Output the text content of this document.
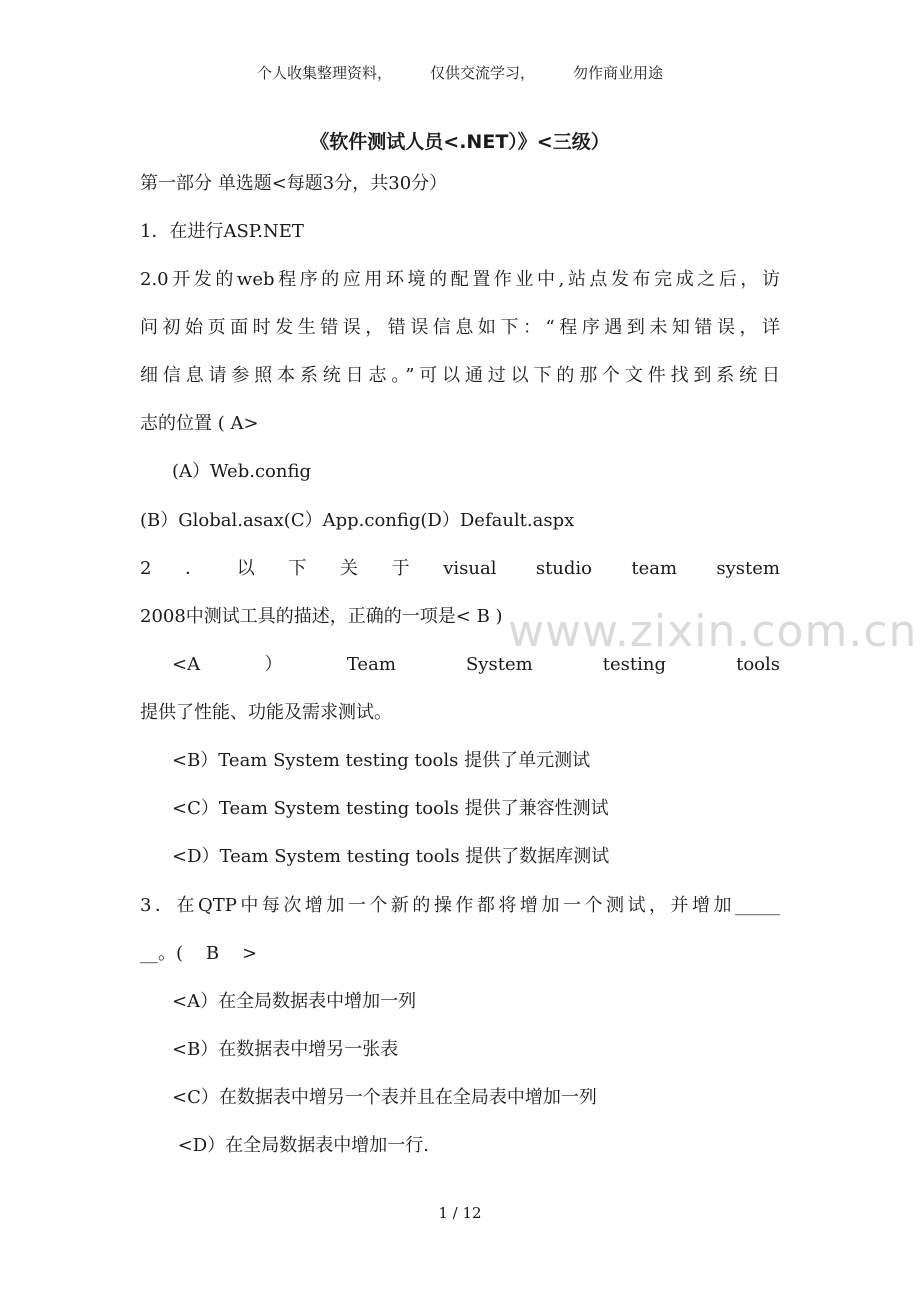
个人收集整理资料，	仅供交流学习，	勿作商业用途
《软件测试人员<.NET）》<三级）
第一部分 单选题<每题3分，共30分）
1．在进行ASP.NET
2.0开发的web程序的应用环境的配置作业中,站点发布完成之后，访
问初始页面时发生错误，错误信息如下：“程序遇到未知错误，详
细信息请参照本系统日志。”可以通过以下的那个文件找到系统日
志的位置 ( A>
(A）Web.config
(B）Global.asax(C）App.config(D）Default.aspx
2．以下关于visual studio team system
2008中测试工具的描述，正确的一项是< B )
<A）Team System testing tools
提供了性能、功能及需求测试。
<B）Team System testing tools 提供了单元测试
<C）Team System testing tools 提供了兼容性测试
<D）Team System testing tools 提供了数据库测试
3．在QTP中每次增加一个新的操作都将增加一个测试，并增加_____
__。(    B    >
<A）在全局数据表中增加一列
<B）在数据表中增另一张表
<C）在数据表中增另一个表并且在全局表中增加一列
<D）在全局数据表中增加一行.
www.zixin.com.cn
1 / 12
